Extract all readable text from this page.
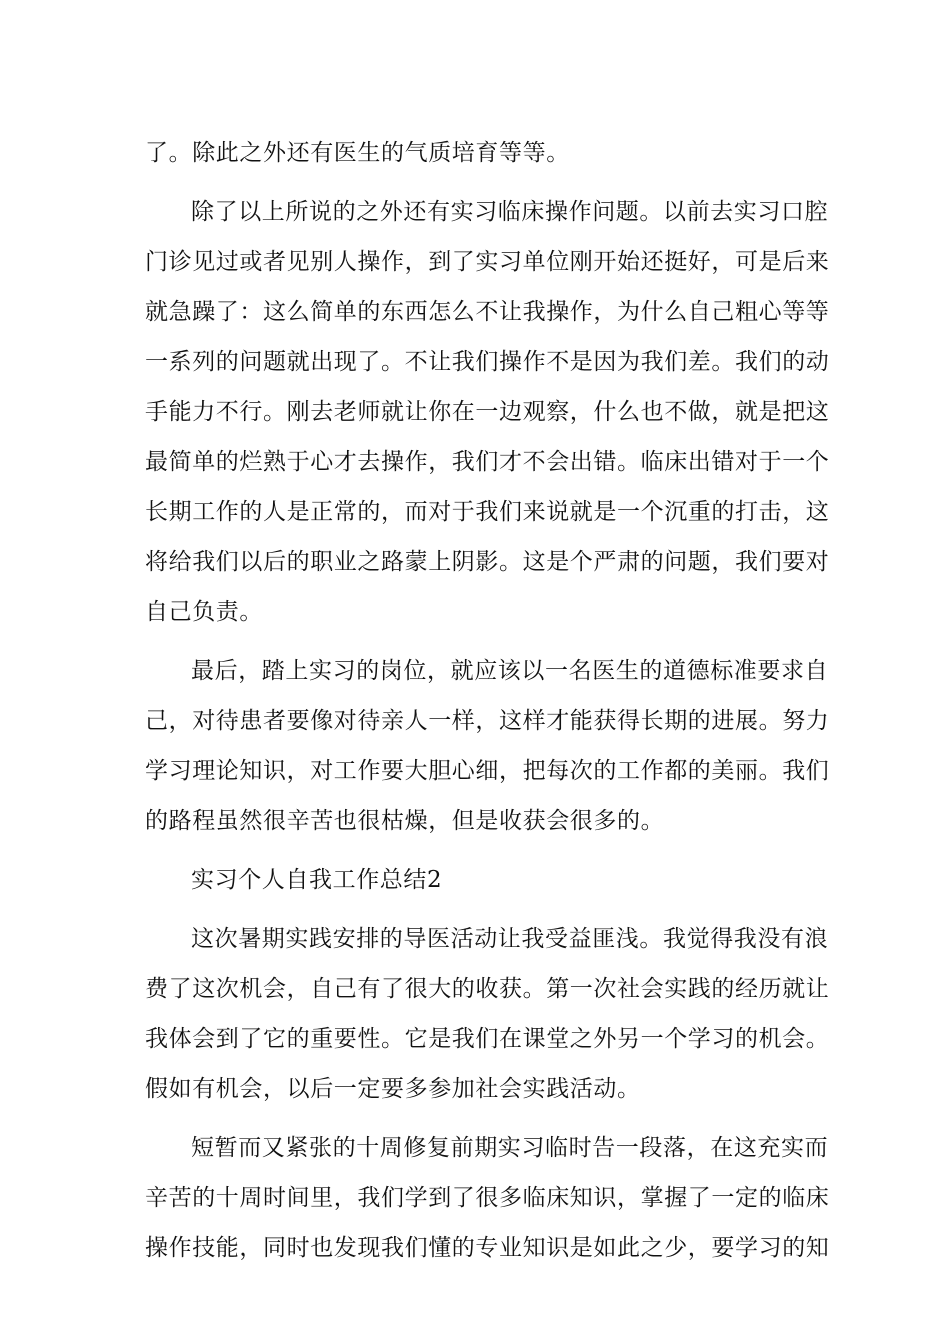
了。除此之外还有医生的气质培育等等。
除了以上所说的之外还有实习临床操作问题。以前去实习口腔
门诊见过或者见别人操作，到了实习单位刚开始还挺好，可是后来
就急躁了：这么简单的东西怎么不让我操作，为什么自己粗心等等
一系列的问题就出现了。不让我们操作不是因为我们差。我们的动
手能力不行。刚去老师就让你在一边观察，什么也不做，就是把这
最简单的烂熟于心才去操作，我们才不会出错。临床出错对于一个
长期工作的人是正常的，而对于我们来说就是一个沉重的打击，这
将给我们以后的职业之路蒙上阴影。这是个严肃的问题，我们要对
自己负责。
最后，踏上实习的岗位，就应该以一名医生的道德标准要求自
己，对待患者要像对待亲人一样，这样才能获得长期的进展。努力
学习理论知识，对工作要大胆心细，把每次的工作都的美丽。我们
的路程虽然很辛苦也很枯燥，但是收获会很多的。
实习个人自我工作总结2
这次暑期实践安排的导医活动让我受益匪浅。我觉得我没有浪
费了这次机会，自己有了很大的收获。第一次社会实践的经历就让
我体会到了它的重要性。它是我们在课堂之外另一个学习的机会。
假如有机会，以后一定要多参加社会实践活动。
短暂而又紧张的十周修复前期实习临时告一段落，在这充实而
辛苦的十周时间里，我们学到了很多临床知识，掌握了一定的临床
操作技能，同时也发现我们懂的专业知识是如此之少，要学习的知
